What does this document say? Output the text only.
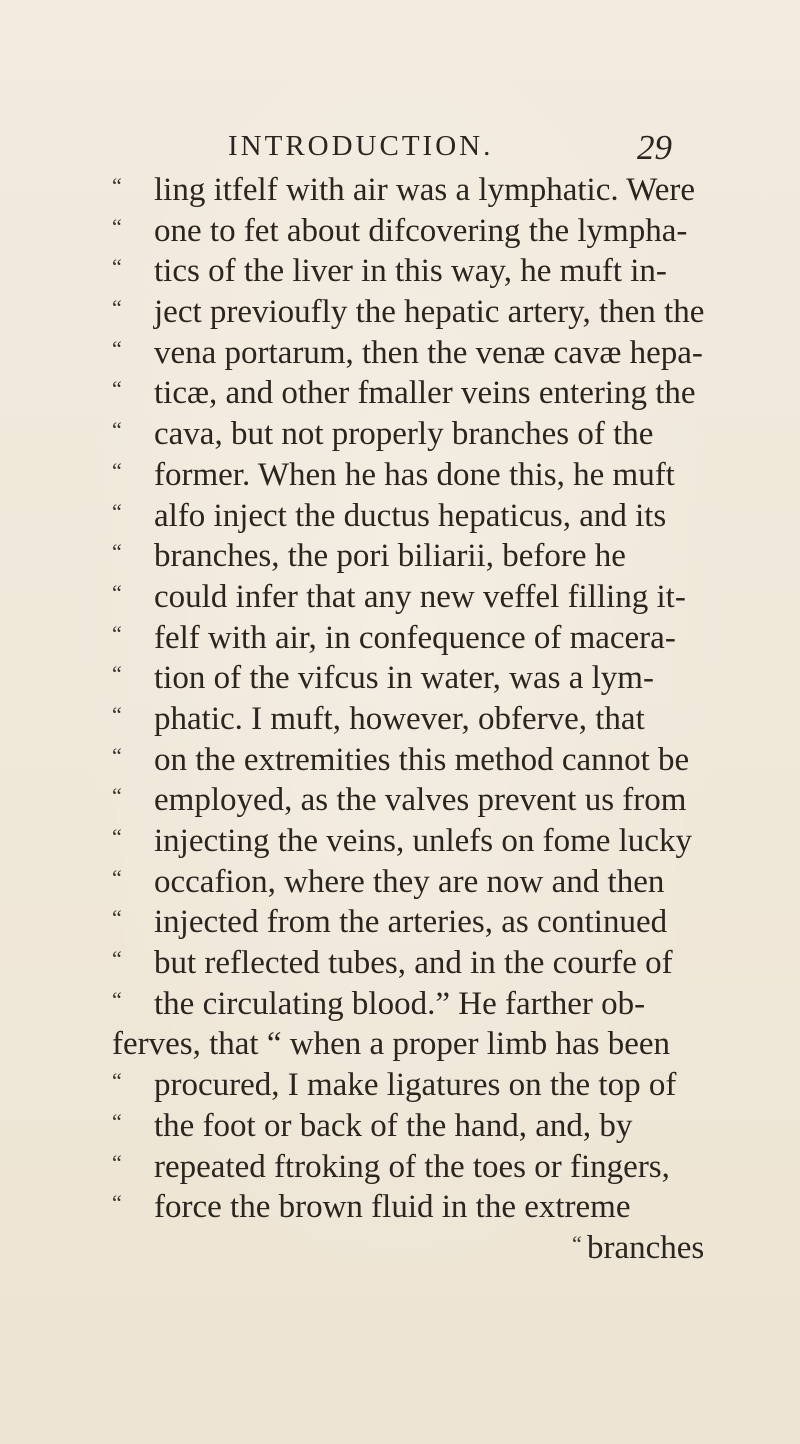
INTRODUCTION.	29
“ ling itfelf with air was a lymphatic. Were
“ one to fet about difcovering the lympha-
“ tics of the liver in this way, he muft in-
“ ject previoufly the hepatic artery, then the
“ vena portarum, then the venæ cavæ hepa-
“ ticæ, and other fmaller veins entering the
“ cava, but not properly branches of the
“ former. When he has done this, he muft
“ alfo inject the ductus hepaticus, and its
“ branches, the pori biliarii, before he
“ could infer that any new veffel filling it-
“ felf with air, in confequence of macera-
“ tion of the vifcus in water, was a lym-
“ phatic. I muft, however, obferve, that
“ on the extremities this method cannot be
“ employed, as the valves prevent us from
“ injecting the veins, unlefs on fome lucky
“ occafion, where they are now and then
“ injected from the arteries, as continued
“ but reflected tubes, and in the courfe of
“ the circulating blood.” He farther ob-
ferves, that “ when a proper limb has been
“ procured, I make ligatures on the top of
“ the foot or back of the hand, and, by
“ repeated ftroking of the toes or fingers,
“ force the brown fluid in the extreme
“ branches
